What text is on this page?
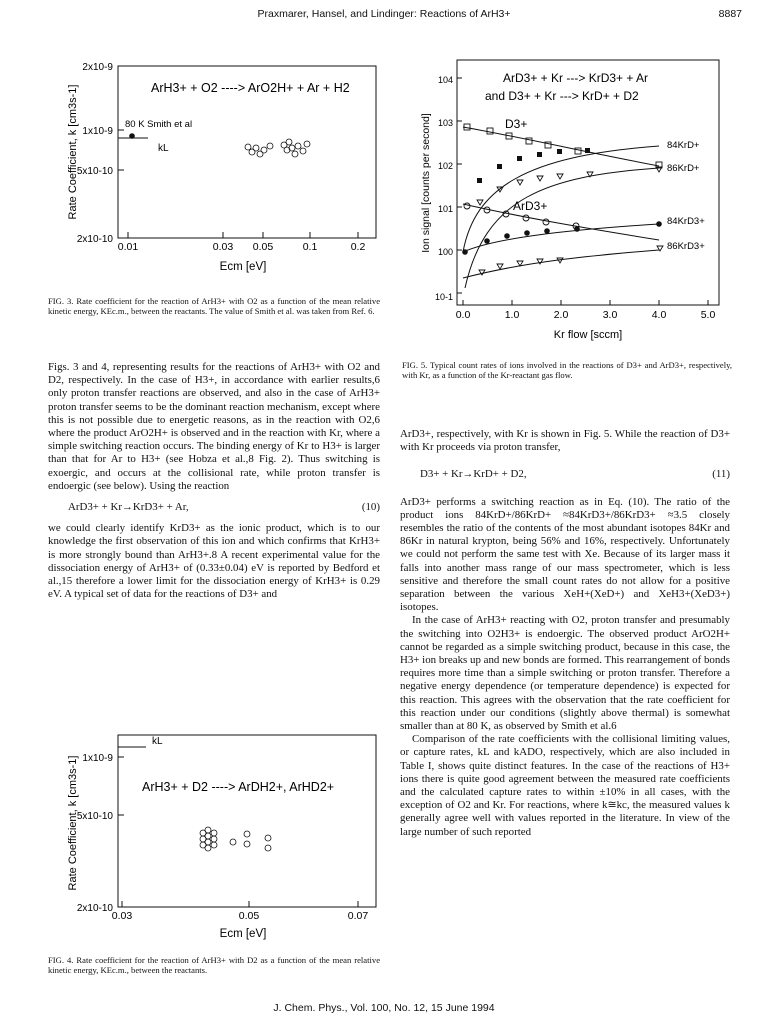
Praxmarer, Hansel, and Lindinger: Reactions of ArH3+	8887
2x10-9
1x10-9
5x10-10
2x10-10
0.01	0.03 0.05	0.1	0.2
Ecm [eV]
Rate Coefficient, k [cm3s-1]	ArH3+ + O2 ----> ArO2H+ + Ar + H2
80 K Smith et al
kL
FIG. 3. Rate coefficient for the reaction of ArH3+ with O2 as a function of the mean relative kinetic energy, KEc.m., between the reactants. The value of Smith et al. was taken from Ref. 6.
10-1
100
101
102
103
104
0.0	1.0	2.0	3.0	4.0	5.0
Kr flow [sccm]
Ion signal [counts per second]
ArD3+ + Kr ---> KrD3+ + Ar
and D3+ + Kr ---> KrD+ + D2
D3+
ArD3+
84KrD+
86KrD+
84KrD3+
86KrD3+
FIG. 5. Typical count rates of ions involved in the reactions of D3+ and ArD3+, respectively, with Kr, as a function of the Kr-reactant gas flow.

Figs. 3 and 4, representing results for the reactions of ArH3+ with O2 and D2, respectively. In the case of H3+, in accordance with earlier results,6 only proton transfer reactions are observed, and also in the case of ArH3+ proton transfer seems to be the dominant reaction mechanism, except where this is not possible due to energetic reasons, as in the reaction with O2,6 where the product ArO2H+ is observed and in the reaction with Kr, where a simple switching reaction occurs. The binding energy of Kr to H3+ is larger than that for Ar to H3+ (see Hobza et al.,8 Fig. 2). Thus switching is exoergic, and occurs at the collisional rate, while proton transfer is endoergic (see below). Using the reaction

ArD3+ + Kr→KrD3+ + Ar,	(10)

we could clearly identify KrD3+ as the ionic product, which is to our knowledge the first observation of this ion and which confirms that KrH3+ is more strongly bound than ArH3+.8 A recent experimental value for the dissociation energy of ArH3+ of (0.33±0.04) eV is reported by Bedford et al.,15 therefore a lower limit for the dissociation energy of KrH3+ is 0.29 eV. A typical set of data for the reactions of D3+ and

ArD3+, respectively, with Kr is shown in Fig. 5. While the reaction of D3+ with Kr proceeds via proton transfer,

D3+ + Kr→KrD+ + D2,	(11)

ArD3+ performs a switching reaction as in Eq. (10). The ratio of the product ions 84KrD+/86KrD+ ≈84KrD3+/86KrD3+ ≈3.5 closely resembles the ratio of the contents of the most abundant isotopes 84Kr and 86Kr in natural krypton, being 56% and 16%, respectively. Unfortunately we could not perform the same test with Xe. Because of its larger mass it falls into another mass range of our mass spectrometer, which is less sensitive and therefore the small count rates do not allow for a positive separation between the various XeH+(XeD+) and XeH3+(XeD3+) isotopes.

In the case of ArH3+ reacting with O2, proton transfer and presumably the switching into O2H3+ is endoergic. The observed product ArO2H+ cannot be regarded as a simple switching product, because in this case, the H3+ ion breaks up and new bonds are formed. This rearrangement of bonds requires more time than a simple switching or proton transfer. Therefore a negative energy dependence (or temperature dependence) is expected for this reaction. This agrees with the observation that the rate coefficient for this reaction under our conditions (slightly above thermal) is somewhat smaller than at 80 K, as observed by Smith et al.6

Comparison of the rate coefficients with the collisional limiting values, or capture rates, kL and kADO, respectively, which are also included in Table I, shows quite distinct features. In the case of the reactions of H3+ ions there is quite good agreement between the measured rate coefficients and the calculated capture rates to within ±10% in all cases, with the exception of O2 and Kr. For reactions, where k≅kc, the measured values k generally agree well with values reported in the literature. In view of the large number of such reported

1x10-9
5x10-10
2x10-10
0.03	0.05	0.07
Ecm [eV]
Rate Coefficient, k [cm3s-1]
kL
ArH3+ + D2 ----> ArDH2+, ArHD2+
FIG. 4. Rate coefficient for the reaction of ArH3+ with D2 as a function of the mean relative kinetic energy, KEc.m., between the reactants.
J. Chem. Phys., Vol. 100, No. 12, 15 June 1994
